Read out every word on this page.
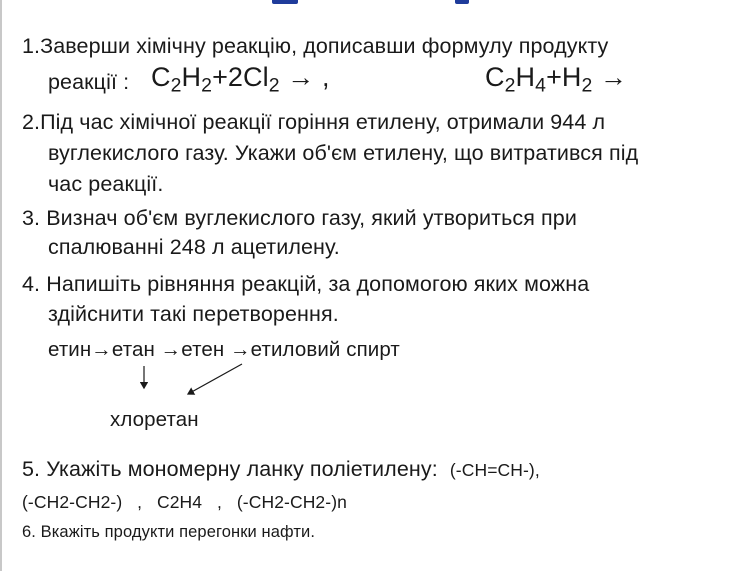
1.Заверши хімічну реакцію, дописавши формулу продукту
реакції : $C_2H_2+2Cl_2$ → ,	$C_2H_4+H_2$ →
2.Під час хімічної реакції горіння етилену, отримали 944 л
вуглекислого газу. Укажи об'єм етилену, що витратився під
час реакції.
3. Визнач об'єм вуглекислого газу, який утвориться при
спалюванні 248 л ацетилену.
4. Напишіть рівняння реакцій, за допомогою яких можна
здійснити такі перетворення.
етин→етан →етен →етиловий спирт
хлоретан
5. Укажіть мономерну ланку поліетилену: (-CH=CH-),
(-CH2-CH2-)   ,   C2H4   ,   (-CH2-CH2-)n
6. Вкажіть продукти перегонки нафти.
